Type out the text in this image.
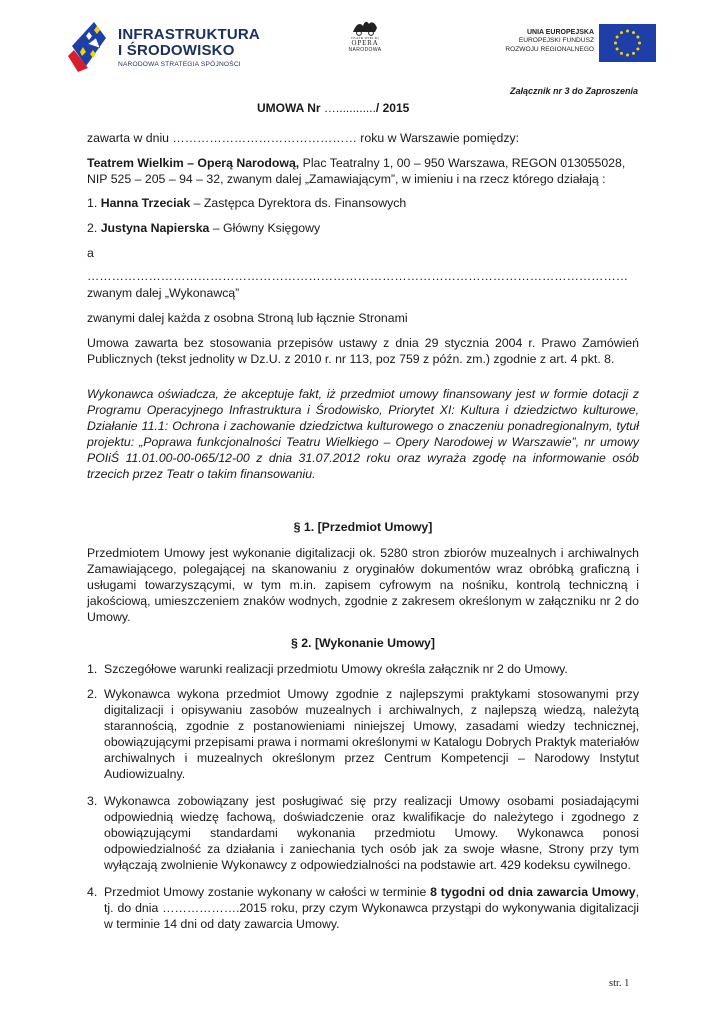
INFRASTRUKTURA
I ŚRODOWISKO
NARODOWA STRATEGIA SPÓJNOŚCI
TEATR WIELKI
OPERA
NARODOWA
UNIA EUROPEJSKA
EUROPEJSKI FUNDUSZ
ROZWOJU REGIONALNEGO
Załącznik nr 3 do Zaproszenia
UMOWA Nr …............/ 2015
zawarta w dniu ……………………………………… roku w Warszawie pomiędzy:
Teatrem Wielkim – Operą Narodową, Plac Teatralny 1, 00 – 950 Warszawa, REGON 013055028, NIP 525 – 205 – 94 – 32, zwanym dalej „Zamawiającym”, w imieniu i na rzecz którego działają :
1. Hanna Trzeciak – Zastępca Dyrektora ds. Finansowych
2. Justyna Napierska – Główny Księgowy
a
……………………………………………………………………………………………………………………
zwanym dalej „Wykonawcą”
zwanymi dalej każda z osobna Stroną lub łącznie Stronami
Umowa zawarta bez stosowania przepisów ustawy z dnia 29 stycznia 2004 r. Prawo Zamówień Publicznych (tekst jednolity w Dz.U. z 2010 r. nr 113, poz 759 z późn. zm.) zgodnie z art. 4 pkt. 8.
Wykonawca oświadcza, że akceptuje fakt, iż przedmiot umowy finansowany jest w formie dotacji z Programu Operacyjnego Infrastruktura i Środowisko, Priorytet XI: Kultura i dziedzictwo kulturowe, Działanie 11.1: Ochrona i zachowanie dziedzictwa kulturowego o znaczeniu ponadregionalnym, tytuł projektu: „Poprawa funkcjonalności Teatru Wielkiego – Opery Narodowej w Warszawie”, nr umowy POIiŚ 11.01.00-00-065/12-00 z dnia 31.07.2012 roku oraz wyraża zgodę na informowanie osób trzecich przez Teatr o takim finansowaniu.
§ 1. [Przedmiot Umowy]
Przedmiotem Umowy jest wykonanie digitalizacji ok. 5280 stron zbiorów muzealnych i archiwalnych Zamawiającego, polegającej na skanowaniu z oryginałów dokumentów wraz obróbką graficzną i usługami towarzyszącymi, w tym m.in. zapisem cyfrowym na nośniku, kontrolą techniczną i jakościową, umieszczeniem znaków wodnych, zgodnie z zakresem określonym w załączniku nr 2 do Umowy.
§ 2. [Wykonanie Umowy]
1. Szczegółowe warunki realizacji przedmiotu Umowy określa załącznik nr 2 do Umowy.
2. Wykonawca wykona przedmiot Umowy zgodnie z najlepszymi praktykami stosowanymi przy digitalizacji i opisywaniu zasobów muzealnych i archiwalnych, z najlepszą wiedzą, należytą starannością, zgodnie z postanowieniami niniejszej Umowy, zasadami wiedzy technicznej, obowiązującymi przepisami prawa i normami określonymi w Katalogu Dobrych Praktyk materiałów archiwalnych i muzealnych określonym przez Centrum Kompetencji – Narodowy Instytut Audiowizualny.
3. Wykonawca zobowiązany jest posługiwać się przy realizacji Umowy osobami posiadającymi odpowiednią wiedzę fachową, doświadczenie oraz kwalifikacje do należytego i zgodnego z obowiązującymi standardami wykonania przedmiotu Umowy. Wykonawca ponosi odpowiedzialność za działania i zaniechania tych osób jak za swoje własne, Strony przy tym wyłączają zwolnienie Wykonawcy z odpowiedzialności na podstawie art. 429 kodeksu cywilnego.
4. Przedmiot Umowy zostanie wykonany w całości w terminie 8 tygodni od dnia zawarcia Umowy, tj. do dnia ……………….2015 roku, przy czym Wykonawca przystąpi do wykonywania digitalizacji w terminie 14 dni od daty zawarcia Umowy.
str. 1
